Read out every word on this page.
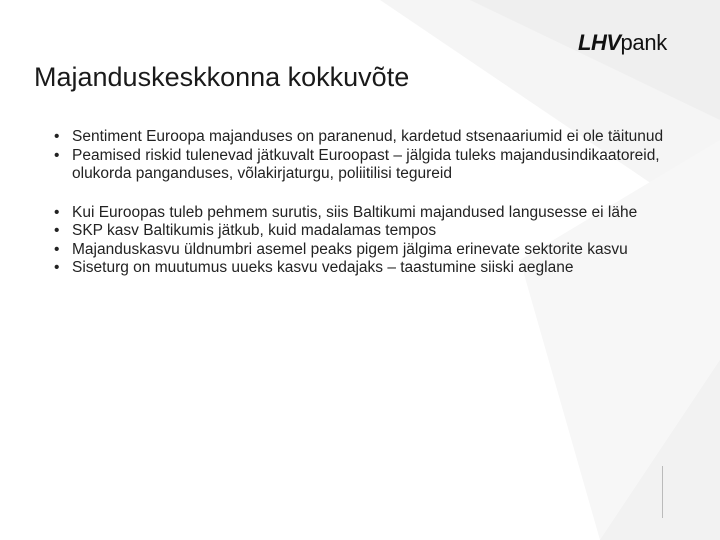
LHVpank
Majanduskeskkonna kokkuvõte
• Sentiment Euroopa majanduses on paranenud, kardetud stsenaariumid ei ole täitunud
• Peamised riskid tulenevad jätkuvalt Euroopast – jälgida tuleks majandusindikaatoreid, olukorda panganduses, võlakirjaturgu, poliitilisi tegureid
• Kui Euroopas tuleb pehmem surutis, siis Baltikumi majandused langusesse ei lähe
• SKP kasv Baltikumis jätkub, kuid madalamas tempos
• Majanduskasvu üldnumbri asemel peaks pigem jälgima erinevate sektorite kasvu
• Siseturg on muutumus uueks kasvu vedajaks – taastumine siiski aeglane
